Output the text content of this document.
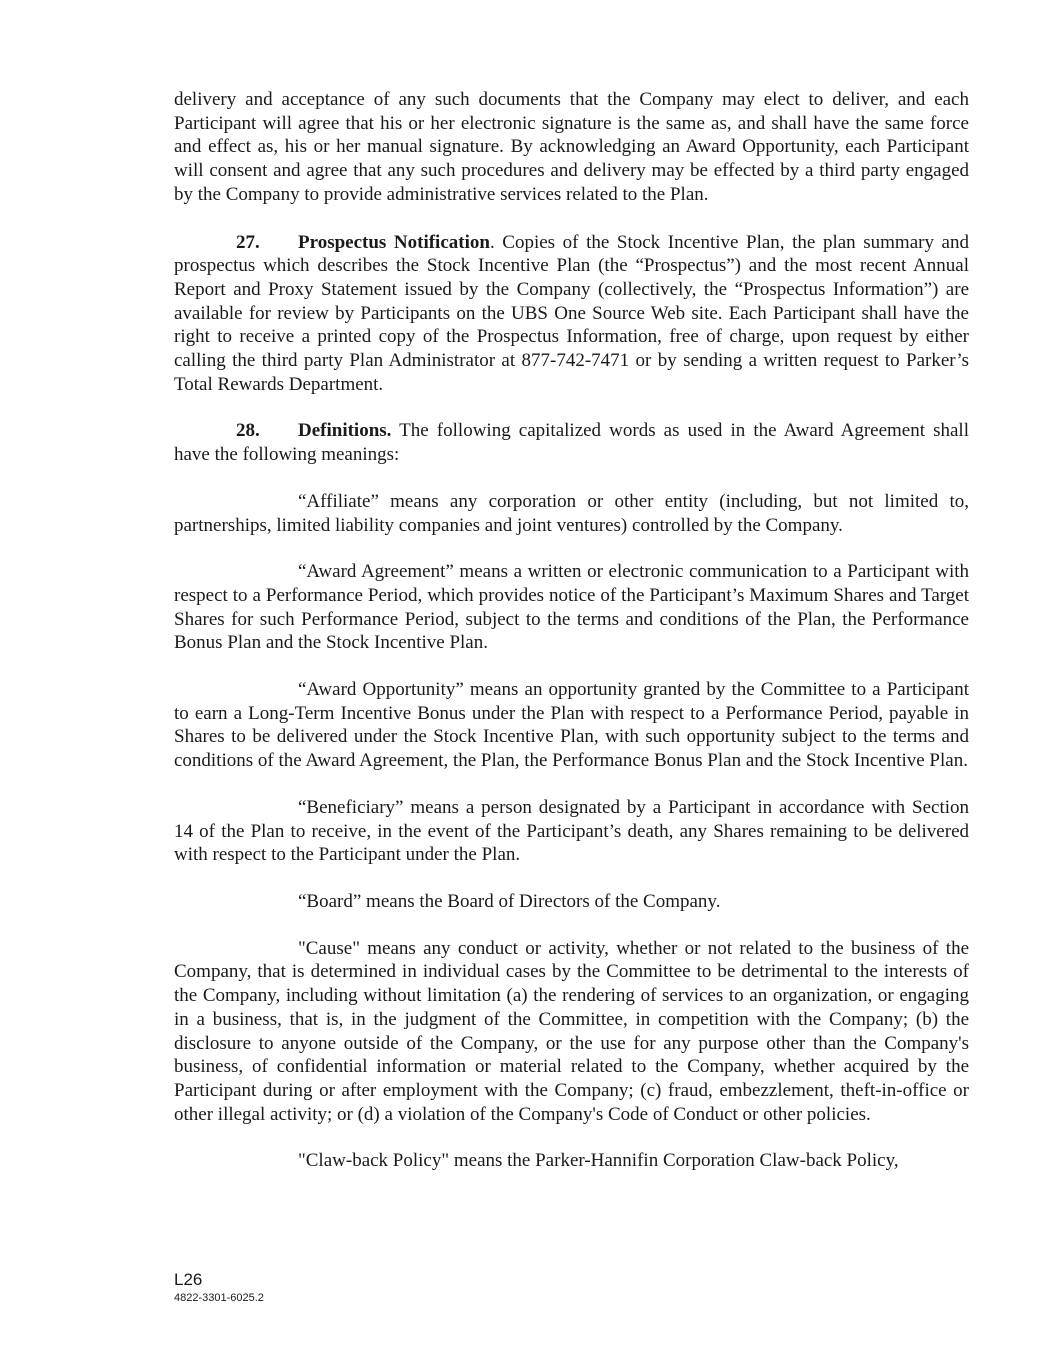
delivery and acceptance of any such documents that the Company may elect to deliver, and each Participant will agree that his or her electronic signature is the same as, and shall have the same force and effect as, his or her manual signature. By acknowledging an Award Opportunity, each Participant will consent and agree that any such procedures and delivery may be effected by a third party engaged by the Company to provide administrative services related to the Plan.

27. Prospectus Notification. Copies of the Stock Incentive Plan, the plan summary and prospectus which describes the Stock Incentive Plan (the “Prospectus”) and the most recent Annual Report and Proxy Statement issued by the Company (collectively, the “Prospectus Information”) are available for review by Participants on the UBS One Source Web site. Each Participant shall have the right to receive a printed copy of the Prospectus Information, free of charge, upon request by either calling the third party Plan Administrator at 877-742-7471 or by sending a written request to Parker’s Total Rewards Department.

28. Definitions. The following capitalized words as used in the Award Agreement shall have the following meanings:

“Affiliate” means any corporation or other entity (including, but not limited to, partnerships, limited liability companies and joint ventures) controlled by the Company.

“Award Agreement” means a written or electronic communication to a Participant with respect to a Performance Period, which provides notice of the Participant’s Maximum Shares and Target Shares for such Performance Period, subject to the terms and conditions of the Plan, the Performance Bonus Plan and the Stock Incentive Plan.

“Award Opportunity” means an opportunity granted by the Committee to a Participant to earn a Long-Term Incentive Bonus under the Plan with respect to a Performance Period, payable in Shares to be delivered under the Stock Incentive Plan, with such opportunity subject to the terms and conditions of the Award Agreement, the Plan, the Performance Bonus Plan and the Stock Incentive Plan.

“Beneficiary” means a person designated by a Participant in accordance with Section 14 of the Plan to receive, in the event of the Participant’s death, any Shares remaining to be delivered with respect to the Participant under the Plan.

“Board” means the Board of Directors of the Company.

"Cause" means any conduct or activity, whether or not related to the business of the Company, that is determined in individual cases by the Committee to be detrimental to the interests of the Company, including without limitation (a) the rendering of services to an organization, or engaging in a business, that is, in the judgment of the Committee, in competition with the Company; (b) the disclosure to anyone outside of the Company, or the use for any purpose other than the Company's business, of confidential information or material related to the Company, whether acquired by the Participant during or after employment with the Company; (c) fraud, embezzlement, theft-in-office or other illegal activity; or (d) a violation of the Company's Code of Conduct or other policies.

"Claw-back Policy" means the Parker-Hannifin Corporation Claw-back Policy,

L26
4822-3301-6025.2
